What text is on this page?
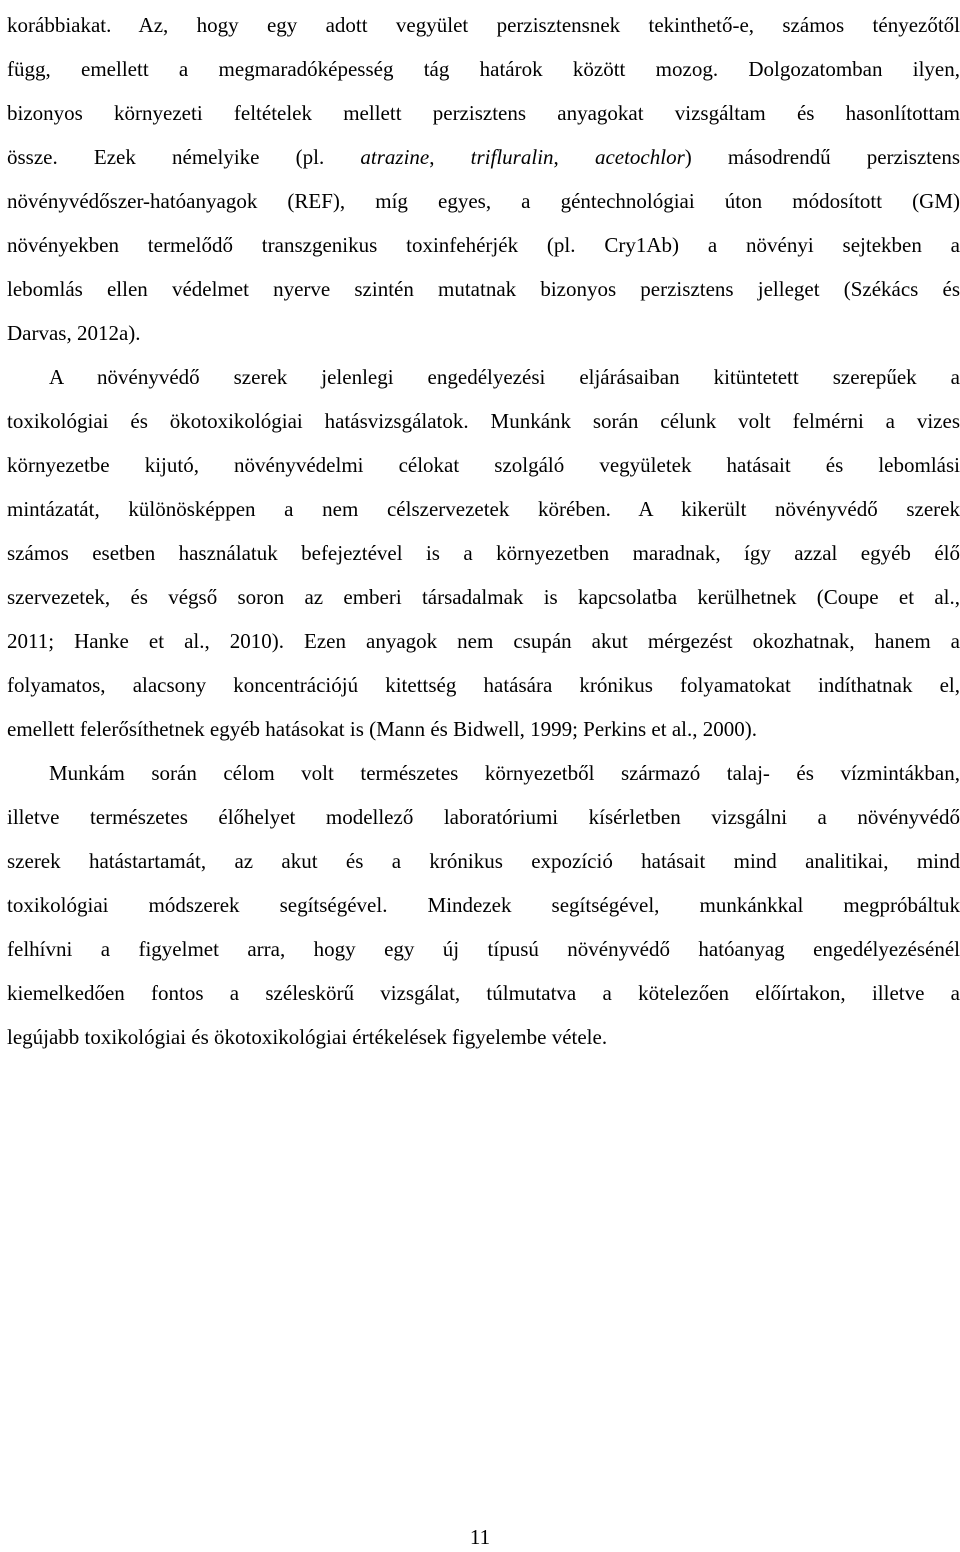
korábbiakat. Az, hogy egy adott vegyület perzisztensnek tekinthető-e, számos tényezőtől
függ, emellett a megmaradóképesség tág határok között mozog. Dolgozatomban ilyen,
bizonyos környezeti feltételek mellett perzisztens anyagokat vizsgáltam és hasonlítottam
össze. Ezek némelyike (pl. atrazine, trifluralin, acetochlor) másodrendű perzisztens
növényvédőszer-hatóanyagok (REF), míg egyes, a géntechnológiai úton módosított (GM)
növényekben termelődő transzgenikus toxinfehérjék (pl. Cry1Ab) a növényi sejtekben a
lebomlás ellen védelmet nyerve szintén mutatnak bizonyos perzisztens jelleget (Székács és
Darvas, 2012a).
A növényvédő szerek jelenlegi engedélyezési eljárásaiban kitüntetett szerepűek a
toxikológiai és ökotoxikológiai hatásvizsgálatok. Munkánk során célunk volt felmérni a vizes
környezetbe kijutó, növényvédelmi célokat szolgáló vegyületek hatásait és lebomlási
mintázatát, különösképpen a nem célszervezetek körében. A kikerült növényvédő szerek
számos esetben használatuk befejeztével is a környezetben maradnak, így azzal egyéb élő
szervezetek, és végső soron az emberi társadalmak is kapcsolatba kerülhetnek (Coupe et al.,
2011; Hanke et al., 2010). Ezen anyagok nem csupán akut mérgezést okozhatnak, hanem a
folyamatos, alacsony koncentrációjú kitettség hatására krónikus folyamatokat indíthatnak el,
emellett felerősíthetnek egyéb hatásokat is (Mann és Bidwell, 1999; Perkins et al., 2000).
Munkám során célom volt természetes környezetből származó talaj- és vízmintákban,
illetve természetes élőhelyet modellező laboratóriumi kísérletben vizsgálni a növényvédő
szerek hatástartamát, az akut és a krónikus expozíció hatásait mind analitikai, mind
toxikológiai módszerek segítségével. Mindezek segítségével, munkánkkal megpróbáltuk
felhívni a figyelmet arra, hogy egy új típusú növényvédő hatóanyag engedélyezésénél
kiemelkedően fontos a széleskörű vizsgálat, túlmutatva a kötelezően előírtakon, illetve a
legújabb toxikológiai és ökotoxikológiai értékelések figyelembe vétele.
11
